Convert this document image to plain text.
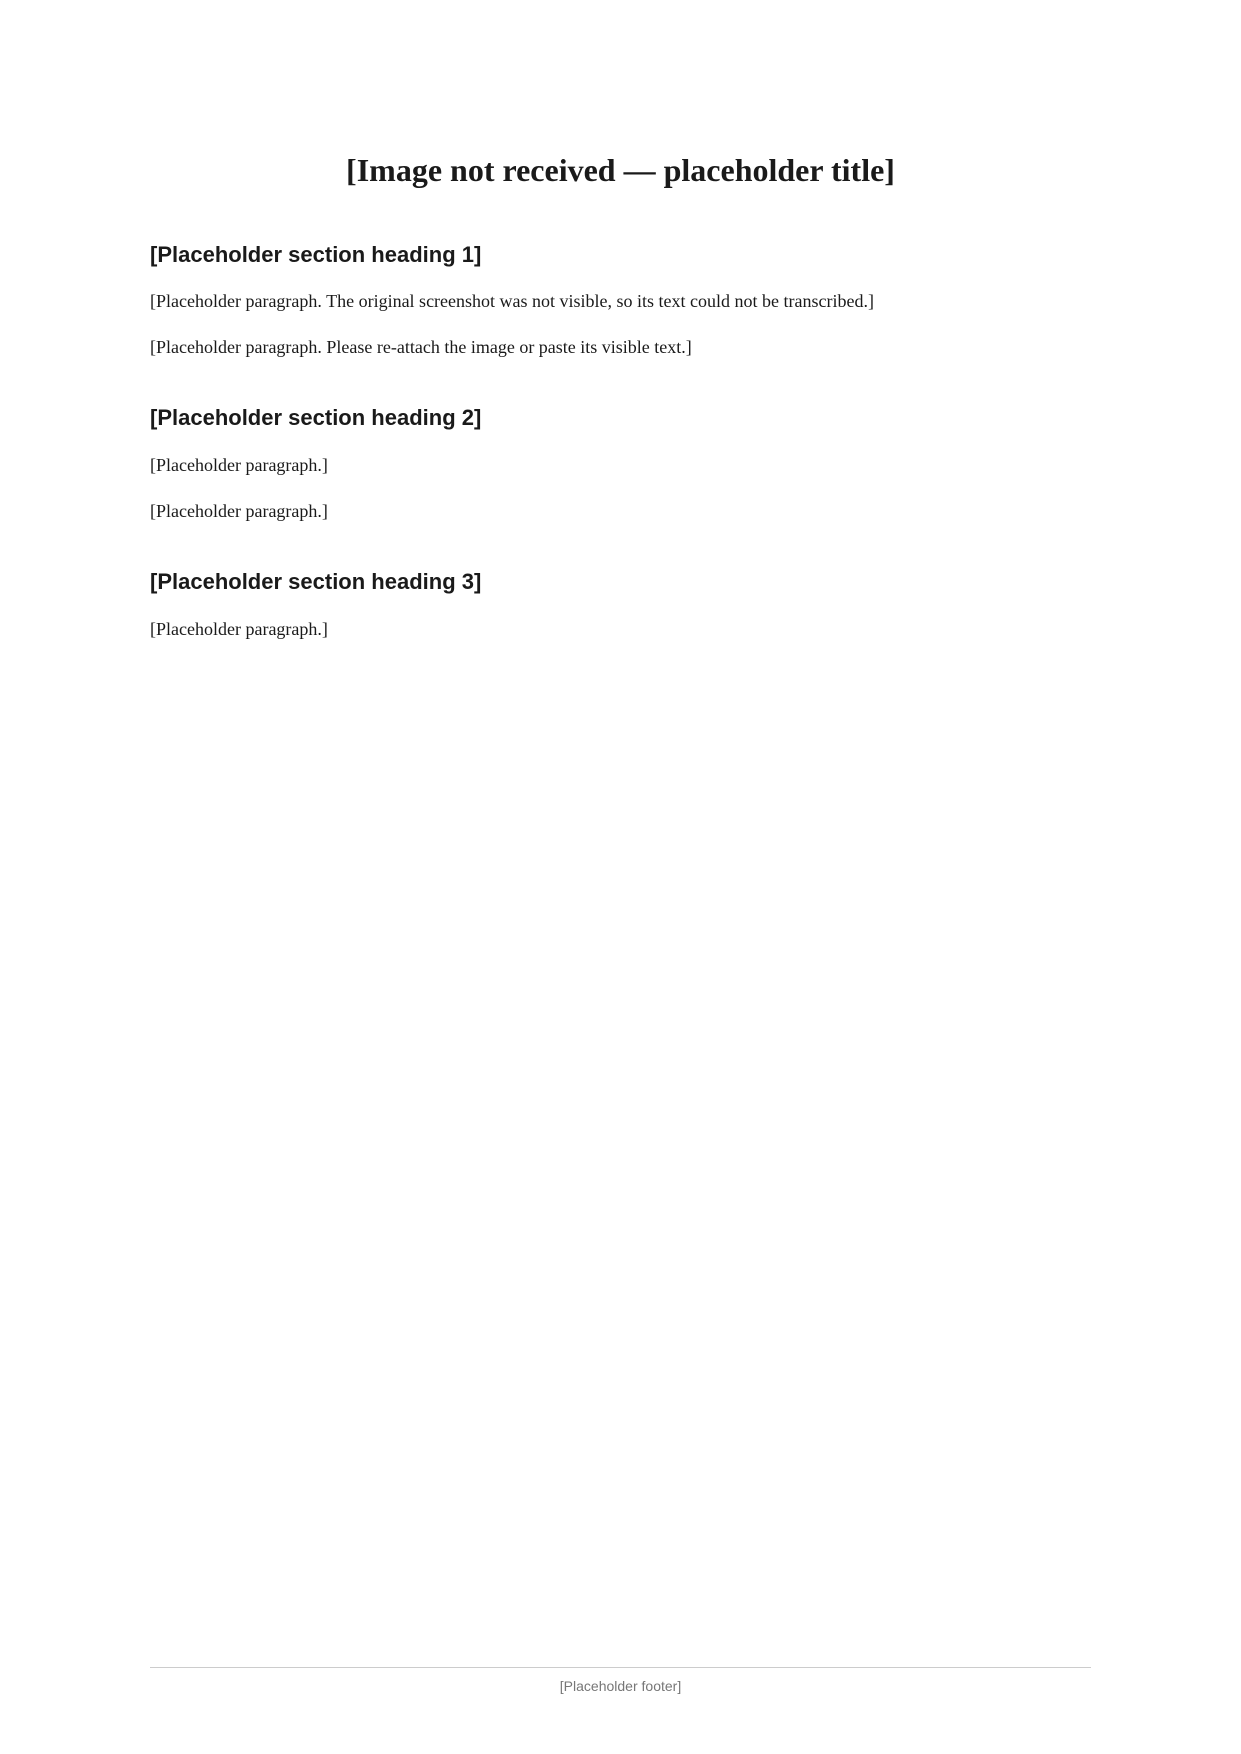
[Image not received — placeholder title]
[Placeholder section heading 1]

[Placeholder paragraph. The original screenshot was not visible, so its text could not be transcribed.]

[Placeholder paragraph. Please re-attach the image or paste its visible text.]

[Placeholder section heading 2]

[Placeholder paragraph.]

[Placeholder paragraph.]

[Placeholder section heading 3]

[Placeholder paragraph.]

[Placeholder footer]
